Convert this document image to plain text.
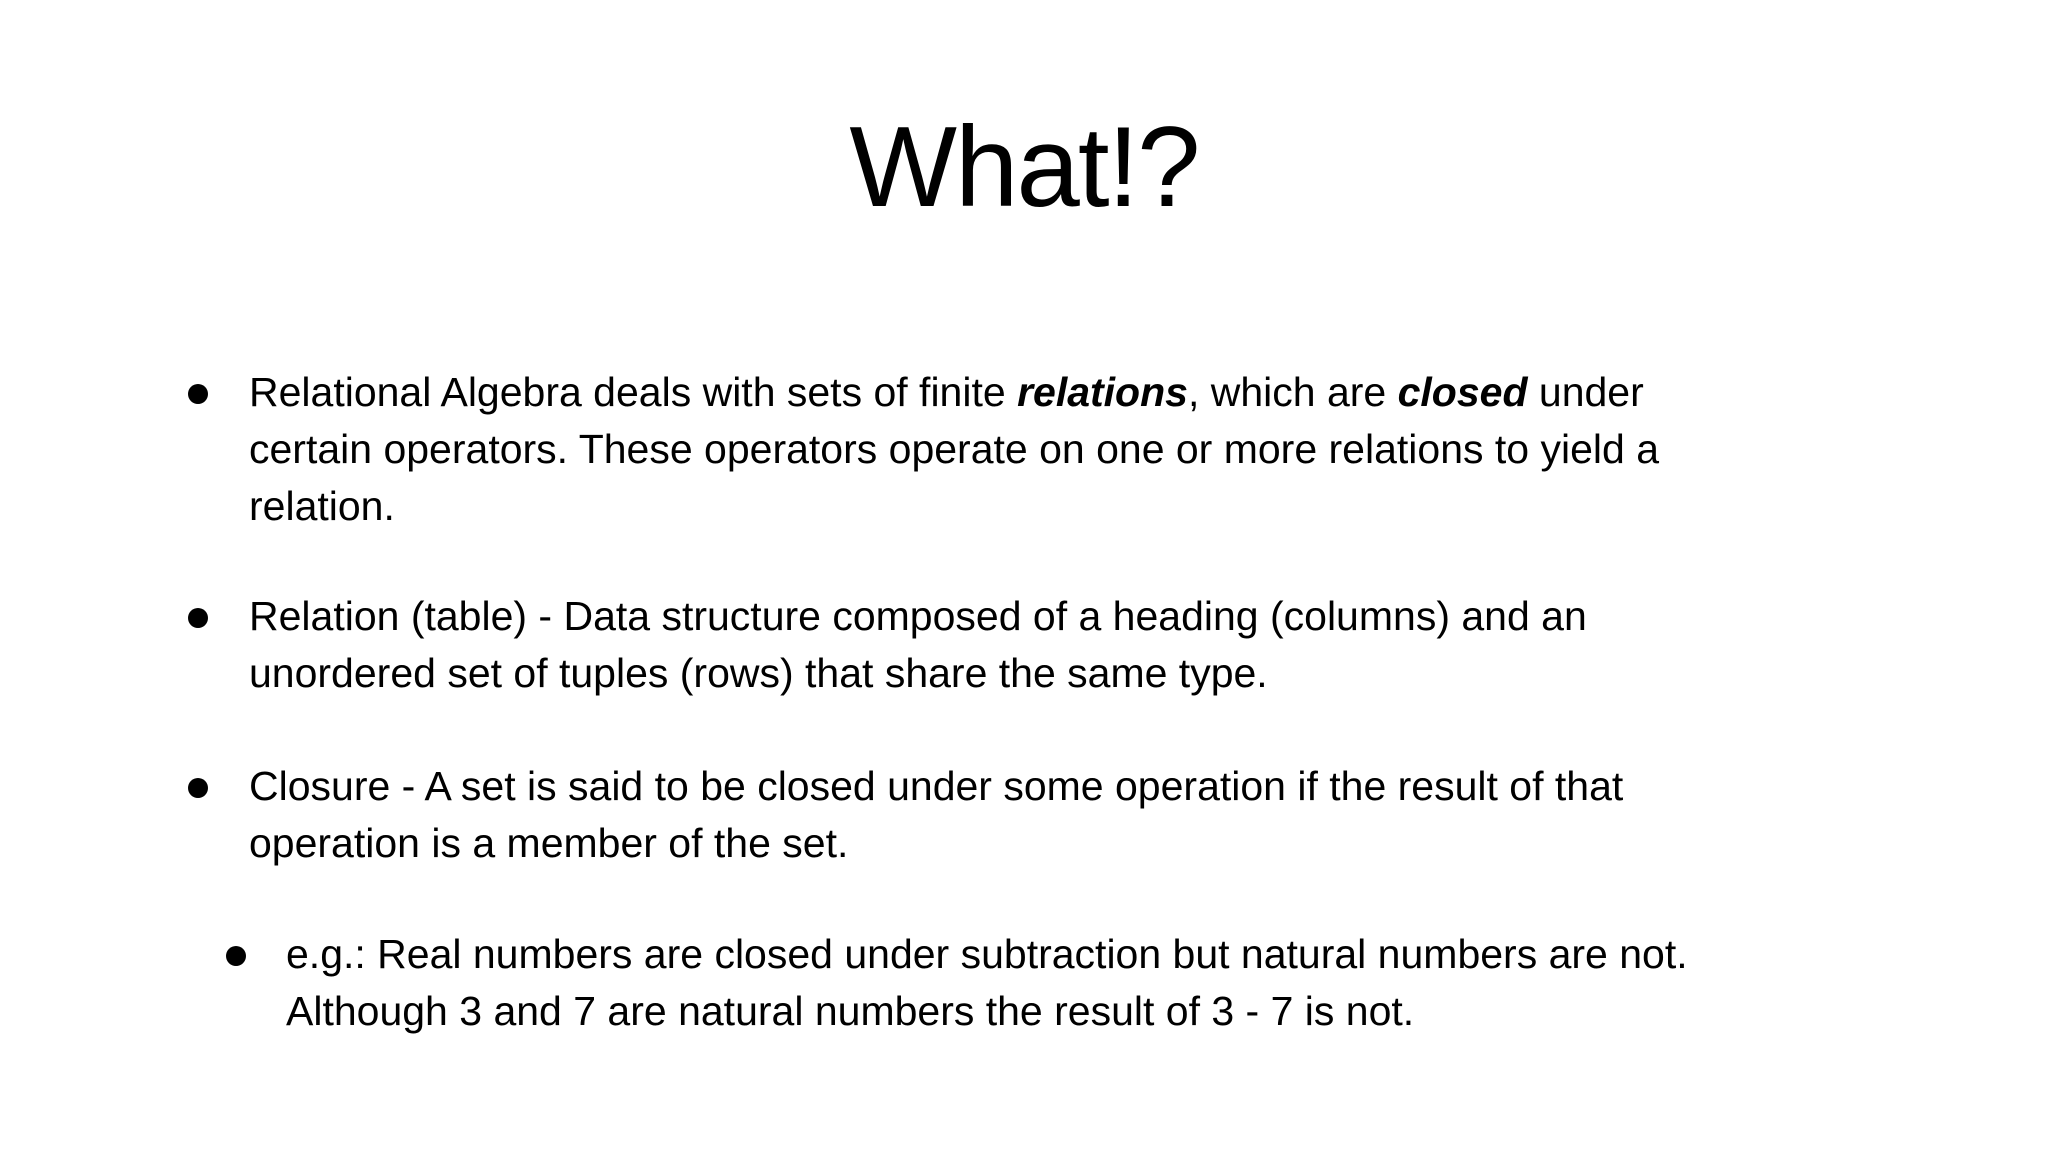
What!?
Relational Algebra deals with sets of finite relations, which are closed under
certain operators. These operators operate on one or more relations to yield a
relation.
Relation (table) - Data structure composed of a heading (columns) and an
unordered set of tuples (rows) that share the same type.
Closure - A set is said to be closed under some operation if the result of that
operation is a member of the set.
e.g.: Real numbers are closed under subtraction but natural numbers are not.
Although 3 and 7 are natural numbers the result of 3 - 7 is not.
